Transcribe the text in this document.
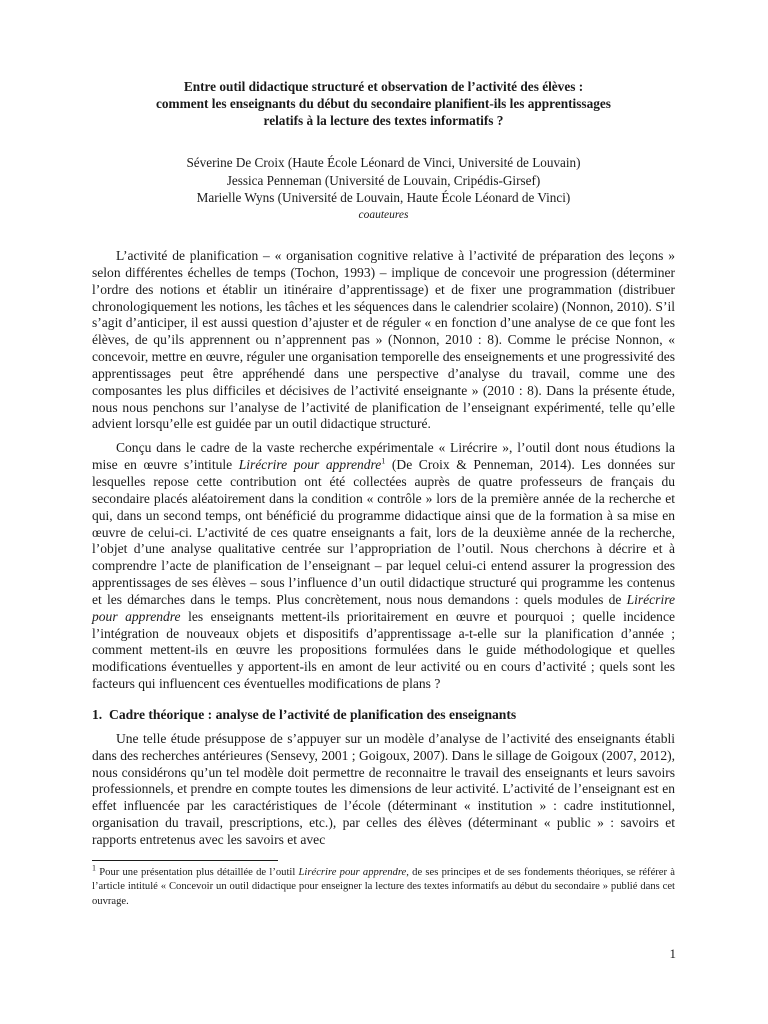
Entre outil didactique structuré et observation de l’activité des élèves :
comment les enseignants du début du secondaire planifient-ils les apprentissages
relatifs à la lecture des textes informatifs ?
Séverine De Croix (Haute École Léonard de Vinci, Université de Louvain)
Jessica Penneman (Université de Louvain, Cripédis-Girsef)
Marielle Wyns (Université de Louvain, Haute École Léonard de Vinci)
coauteures

L’activité de planification – « organisation cognitive relative à l’activité de préparation des leçons » selon différentes échelles de temps (Tochon, 1993) – implique de concevoir une progression (déterminer l’ordre des notions et établir un itinéraire d’apprentissage) et de fixer une programmation (distribuer chronologiquement les notions, les tâches et les séquences dans le calendrier scolaire) (Nonnon, 2010). S’il s’agit d’anticiper, il est aussi question d’ajuster et de réguler « en fonction d’une analyse de ce que font les élèves, de qu’ils apprennent ou n’apprennent pas » (Nonnon, 2010 : 8). Comme le précise Nonnon, « concevoir, mettre en œuvre, réguler une organisation temporelle des enseignements et une progressivité des apprentissages peut être appréhendé dans une perspective d’analyse du travail, comme une des composantes les plus difficiles et décisives de l’activité enseignante » (2010 : 8). Dans la présente étude, nous nous penchons sur l’analyse de l’activité de planification de l’enseignant expérimenté, telle qu’elle advient lorsqu’elle est guidée par un outil didactique structuré.

Conçu dans le cadre de la vaste recherche expérimentale « Lirécrire », l’outil dont nous étudions la mise en œuvre s’intitule Lirécrire pour apprendre$^1$ (De Croix & Penneman, 2014). Les données sur lesquelles repose cette contribution ont été collectées auprès de quatre professeurs de français du secondaire placés aléatoirement dans la condition « contrôle » lors de la première année de la recherche et qui, dans un second temps, ont bénéficié du programme didactique ainsi que de la formation à sa mise en œuvre de celui-ci. L’activité de ces quatre enseignants a fait, lors de la deuxième année de la recherche, l’objet d’une analyse qualitative centrée sur l’appropriation de l’outil. Nous cherchons à décrire et à comprendre l’acte de planification de l’enseignant – par lequel celui-ci entend assurer la progression des apprentissages de ses élèves – sous l’influence d’un outil didactique structuré qui programme les contenus et les démarches dans le temps. Plus concrètement, nous nous demandons : quels modules de Lirécrire pour apprendre les enseignants mettent-ils prioritairement en œuvre et pourquoi ; quelle incidence l’intégration de nouveaux objets et dispositifs d’apprentissage a-t-elle sur la planification d’année ; comment mettent-ils en œuvre les propositions formulées dans le guide méthodologique et quelles modifications éventuelles y apportent-ils en amont de leur activité ou en cours d’activité ; quels sont les facteurs qui influencent ces éventuelles modifications de plans ?

1. Cadre théorique : analyse de l’activité de planification des enseignants

Une telle étude présuppose de s’appuyer sur un modèle d’analyse de l’activité des enseignants établi dans des recherches antérieures (Sensevy, 2001 ; Goigoux, 2007). Dans le sillage de Goigoux (2007, 2012), nous considérons qu’un tel modèle doit permettre de reconnaitre le travail des enseignants et leurs savoirs professionnels, et prendre en compte toutes les dimensions de leur activité. L’activité de l’enseignant est en effet influencée par les caractéristiques de l’école (déterminant « institution » : cadre institutionnel, organisation du travail, prescriptions, etc.), par celles des élèves (déterminant « public » : savoirs et rapports entretenus avec les savoirs et avec

$^1$ Pour une présentation plus détaillée de l’outil Lirécrire pour apprendre, de ses principes et de ses fondements théoriques, se référer à l’article intitulé « Concevoir un outil didactique pour enseigner la lecture des textes informatifs au début du secondaire » publié dans cet ouvrage.
1
